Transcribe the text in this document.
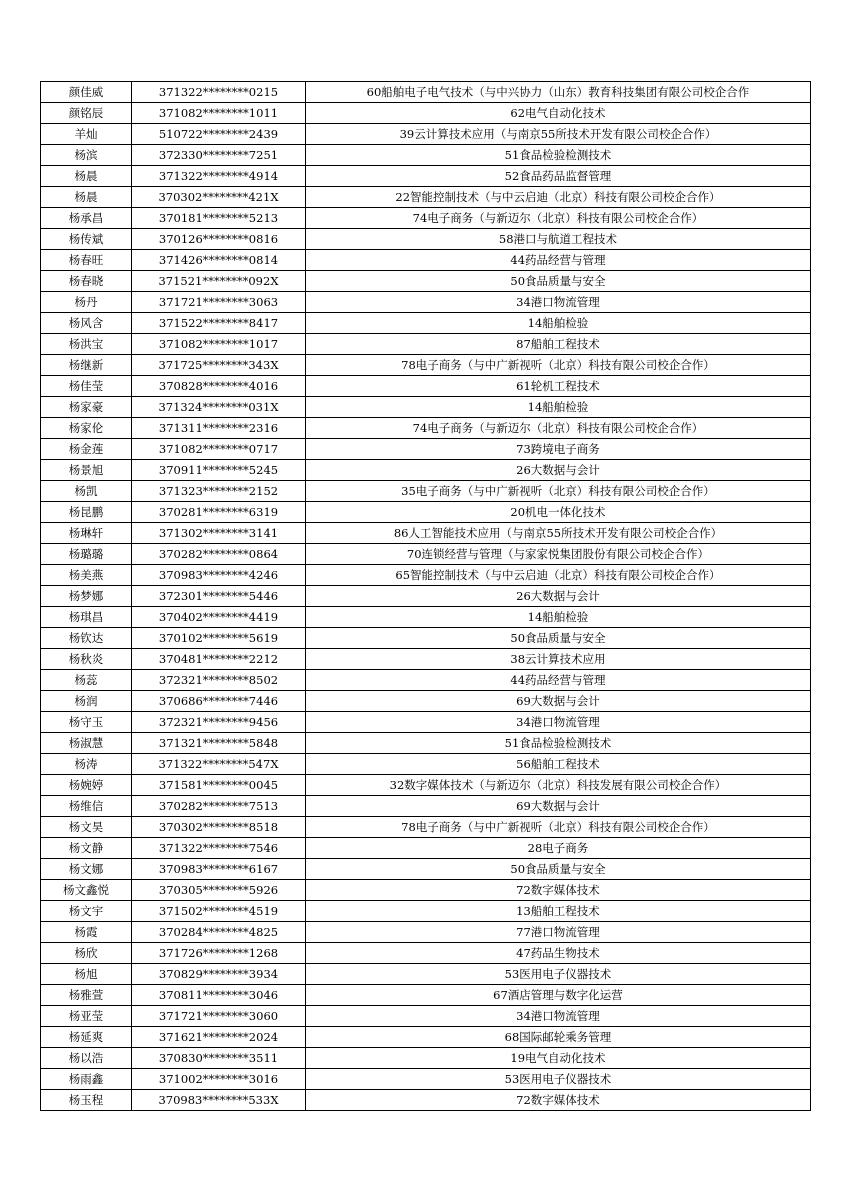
颜佳威	371322********0215	60船舶电子电气技术（与中兴协力（山东）教育科技集团有限公司校企合作
颜铭辰	371082********1011	62电气自动化技术
羊灿	510722********2439	39云计算技术应用（与南京55所技术开发有限公司校企合作）
杨滨	372330********7251	51食品检验检测技术
杨晨	371322********4914	52食品药品监督管理
杨晨	370302********421X	22智能控制技术（与中云启迪（北京）科技有限公司校企合作）
杨承昌	370181********5213	74电子商务（与新迈尔（北京）科技有限公司校企合作）
杨传斌	370126********0816	58港口与航道工程技术
杨春旺	371426********0814	44药品经营与管理
杨春晓	371521********092X	50食品质量与安全
杨丹	371721********3063	34港口物流管理
杨风含	371522********8417	14船舶检验
杨洪宝	371082********1017	87船舶工程技术
杨继新	371725********343X	78电子商务（与中广新视听（北京）科技有限公司校企合作）
杨佳莹	370828********4016	61轮机工程技术
杨家豪	371324********031X	14船舶检验
杨家伦	371311********2316	74电子商务（与新迈尔（北京）科技有限公司校企合作）
杨金莲	371082********0717	73跨境电子商务
杨景旭	370911********5245	26大数据与会计
杨凯	371323********2152	35电子商务（与中广新视听（北京）科技有限公司校企合作）
杨昆鹏	370281********6319	20机电一体化技术
杨琳轩	371302********3141	86人工智能技术应用（与南京55所技术开发有限公司校企合作）
杨璐璐	370282********0864	70连锁经营与管理（与家家悦集团股份有限公司校企合作）
杨美燕	370983********4246	65智能控制技术（与中云启迪（北京）科技有限公司校企合作）
杨梦娜	372301********5446	26大数据与会计
杨琪昌	370402********4419	14船舶检验
杨钦达	370102********5619	50食品质量与安全
杨秋炎	370481********2212	38云计算技术应用
杨蕊	372321********8502	44药品经营与管理
杨润	370686********7446	69大数据与会计
杨守玉	372321********9456	34港口物流管理
杨淑慧	371321********5848	51食品检验检测技术
杨涛	371322********547X	56船舶工程技术
杨婉婷	371581********0045	32数字媒体技术（与新迈尔（北京）科技发展有限公司校企合作）
杨维信	370282********7513	69大数据与会计
杨文昊	370302********8518	78电子商务（与中广新视听（北京）科技有限公司校企合作）
杨文静	371322********7546	28电子商务
杨文娜	370983********6167	50食品质量与安全
杨文鑫悦	370305********5926	72数字媒体技术
杨文宇	371502********4519	13船舶工程技术
杨霞	370284********4825	77港口物流管理
杨欣	371726********1268	47药品生物技术
杨旭	370829********3934	53医用电子仪器技术
杨雅萱	370811********3046	67酒店管理与数字化运营
杨亚莹	371721********3060	34港口物流管理
杨延爽	371621********2024	68国际邮轮乘务管理
杨以浩	370830********3511	19电气自动化技术
杨雨鑫	371002********3016	53医用电子仪器技术
杨玉程	370983********533X	72数字媒体技术
